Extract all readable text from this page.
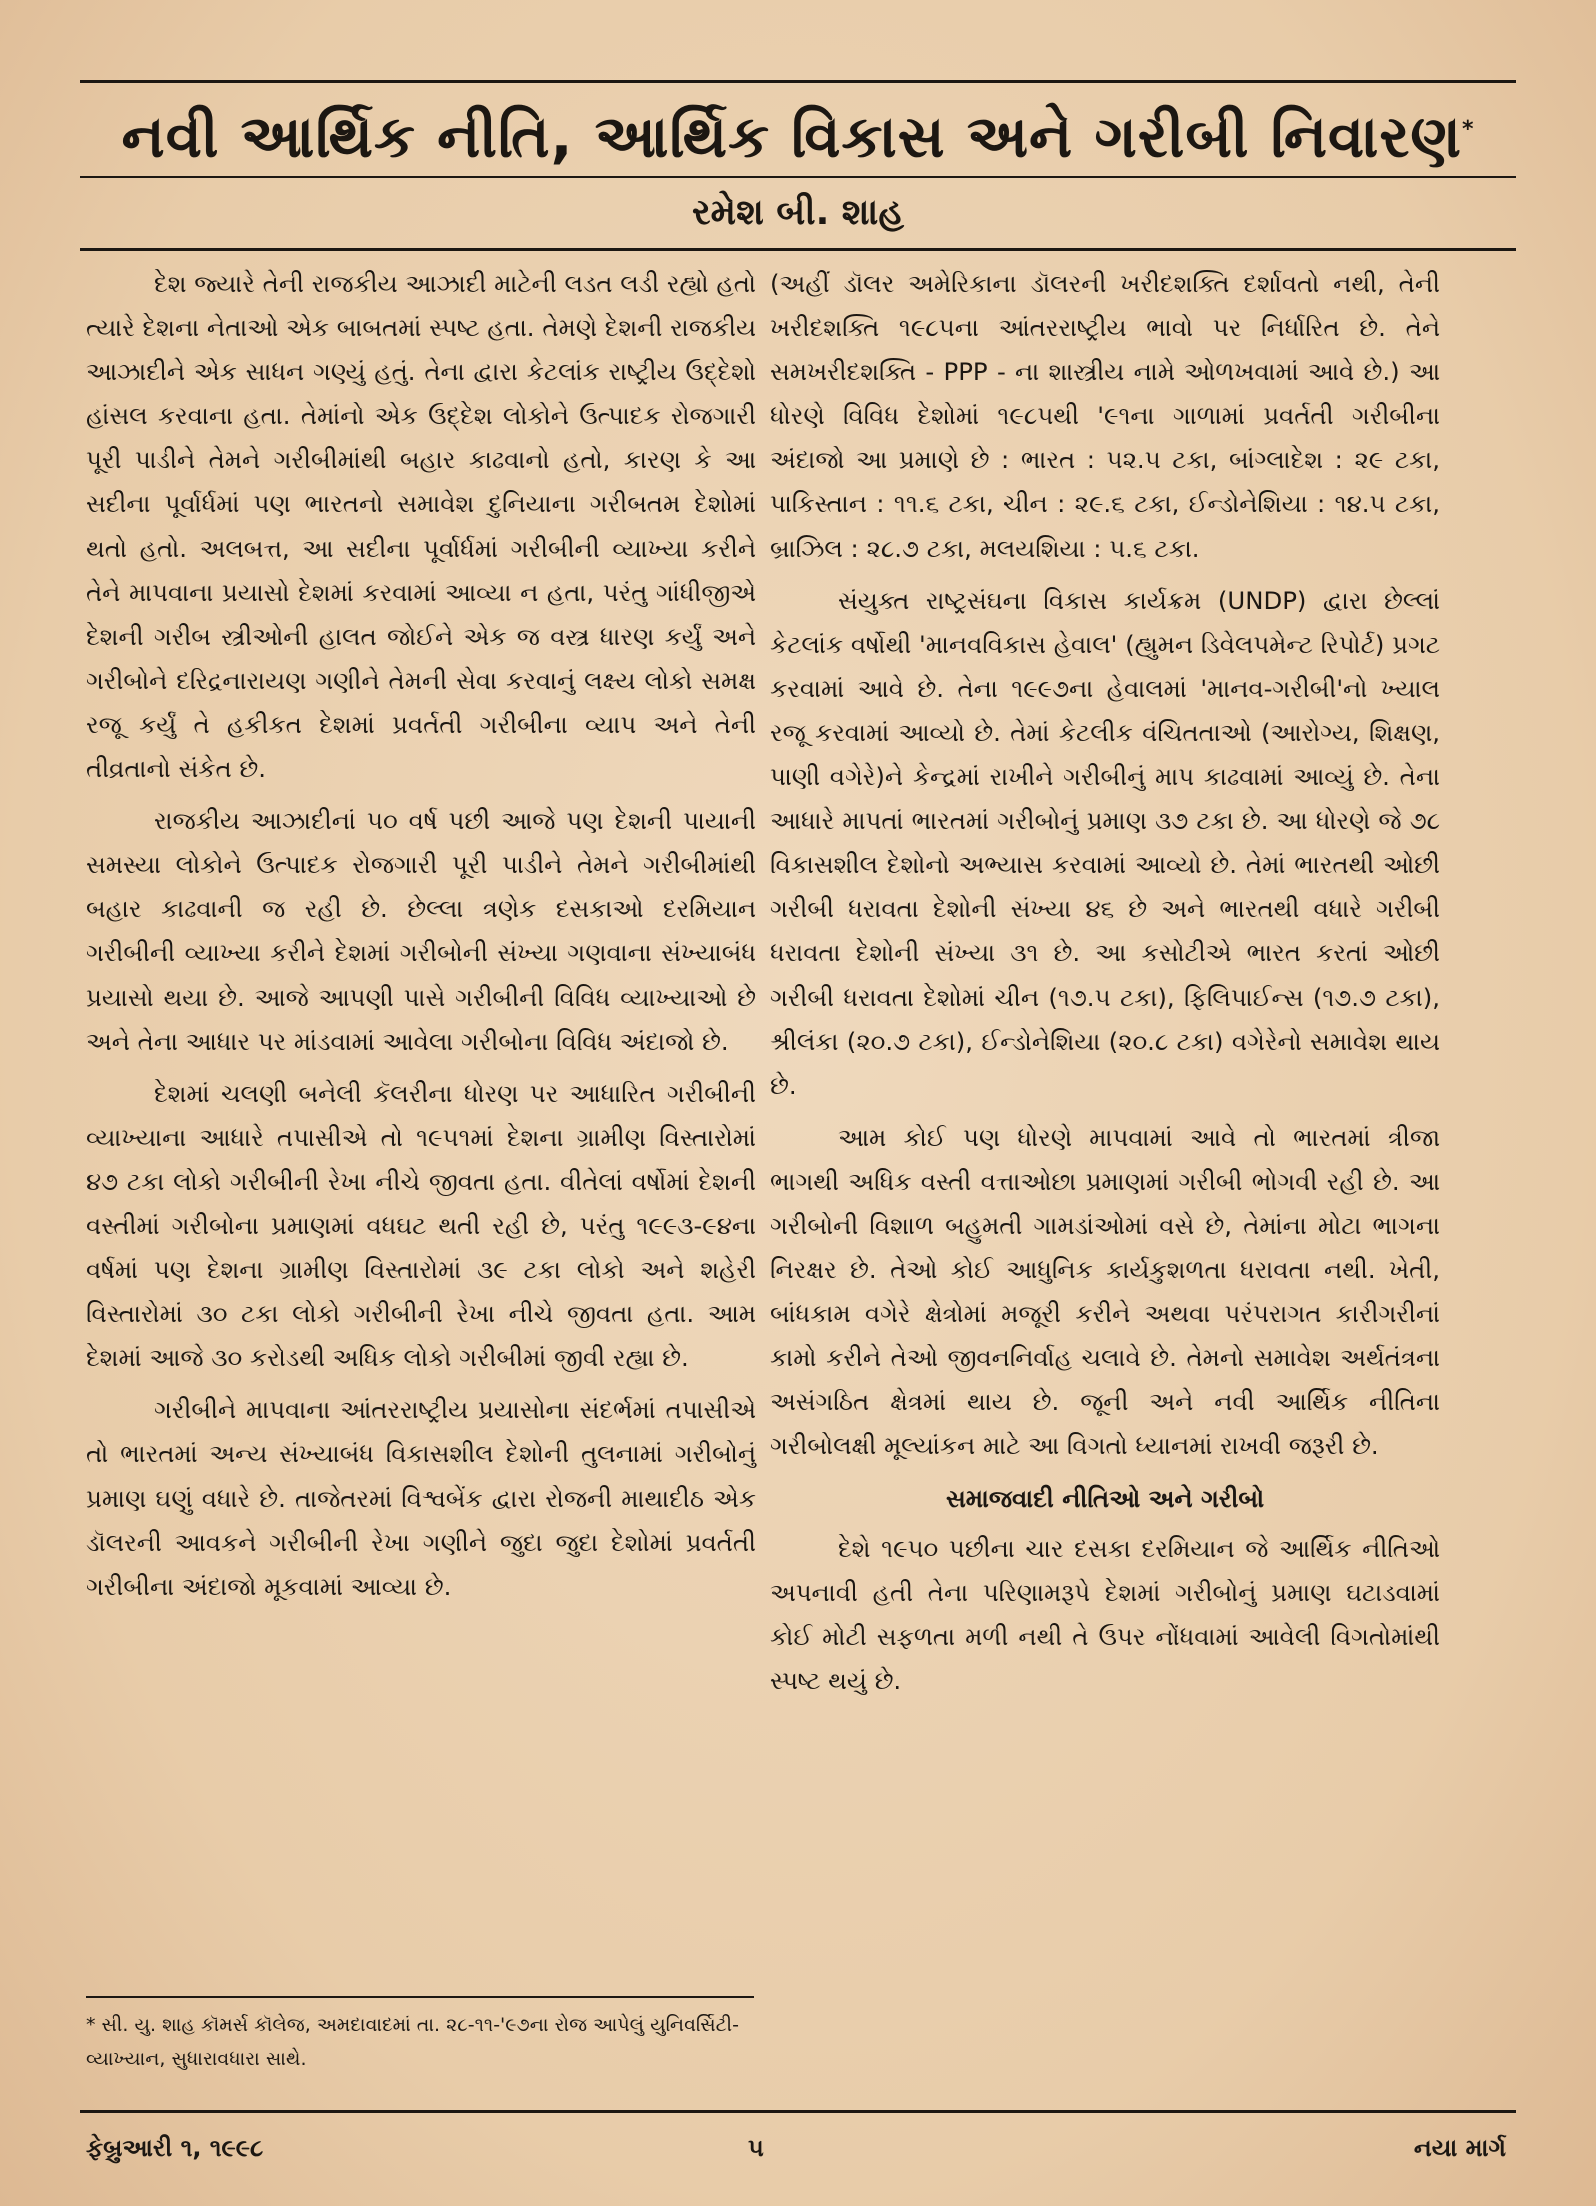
નવી આર્થિક નીતિ, આર્થિક વિકાસ અને ગરીબી નિવારણ*
રમેશ બી. શાહ

દેશ જ્યારે તેની રાજકીય આઝાદી માટેની લડત લડી રહ્યો હતો ત્યારે દેશના નેતાઓ એક બાબતમાં સ્પષ્ટ હતા. તેમણે દેશની રાજકીય આઝાદીને એક સાધન ગણ્યું હતું. તેના દ્વારા કેટલાંક રાષ્ટ્રીય ઉદ્દેશો હાંસલ કરવાના હતા. તેમાંનો એક ઉદ્દેશ લોકોને ઉત્પાદક રોજગારી પૂરી પાડીને તેમને ગરીબીમાંથી બહાર કાઢવાનો હતો, કારણ કે આ સદીના પૂર્વાર્ધમાં પણ ભારતનો સમાવેશ દુનિયાના ગરીબતમ દેશોમાં થતો હતો. અલબત્ત, આ સદીના પૂર્વાર્ધમાં ગરીબીની વ્યાખ્યા કરીને તેને માપવાના પ્રયાસો દેશમાં કરવામાં આવ્યા ન હતા, પરંતુ ગાંધીજીએ દેશની ગરીબ સ્ત્રીઓની હાલત જોઈને એક જ વસ્ત્ર ધારણ કર્યું અને ગરીબોને દરિદ્રનારાયણ ગણીને તેમની સેવા કરવાનું લક્ષ્ય લોકો સમક્ષ રજૂ કર્યું તે હકીકત દેશમાં પ્રવર્તતી ગરીબીના વ્યાપ અને તેની તીવ્રતાનો સંકેત છે.

રાજકીય આઝાદીનાં ૫૦ વર્ષ પછી આજે પણ દેશની પાયાની સમસ્યા લોકોને ઉત્પાદક રોજગારી પૂરી પાડીને તેમને ગરીબીમાંથી બહાર કાઢવાની જ રહી છે. છેલ્લા ત્રણેક દસકાઓ દરમિયાન ગરીબીની વ્યાખ્યા કરીને દેશમાં ગરીબોની સંખ્યા ગણવાના સંખ્યાબંધ પ્રયાસો થયા છે. આજે આપણી પાસે ગરીબીની વિવિધ વ્યાખ્યાઓ છે અને તેના આધાર પર માંડવામાં આવેલા ગરીબોના વિવિધ અંદાજો છે.

દેશમાં ચલણી બનેલી કૅલરીના ધોરણ પર આધારિત ગરીબીની વ્યાખ્યાના આધારે તપાસીએ તો ૧૯૫૧માં દેશના ગ્રામીણ વિસ્તારોમાં ૪૭ ટકા લોકો ગરીબીની રેખા નીચે જીવતા હતા. વીતેલાં વર્ષોમાં દેશની વસ્તીમાં ગરીબોના પ્રમાણમાં વધઘટ થતી રહી છે, પરંતુ ૧૯૯૩-૯૪ના વર્ષમાં પણ દેશના ગ્રામીણ વિસ્તારોમાં ૩૯ ટકા લોકો અને શહેરી વિસ્તારોમાં ૩૦ ટકા લોકો ગરીબીની રેખા નીચે જીવતા હતા. આમ દેશમાં આજે ૩૦ કરોડથી અધિક લોકો ગરીબીમાં જીવી રહ્યા છે.

ગરીબીને માપવાના આંતરરાષ્ટ્રીય પ્રયાસોના સંદર્ભમાં તપાસીએ તો ભારતમાં અન્ય સંખ્યાબંધ વિકાસશીલ દેશોની તુલનામાં ગરીબોનું પ્રમાણ ઘણું વધારે છે. તાજેતરમાં વિશ્વબેંક દ્વારા રોજની માથાદીઠ એક ડૉલરની આવકને ગરીબીની રેખા ગણીને જુદા જુદા દેશોમાં પ્રવર્તતી ગરીબીના અંદાજો મૂકવામાં આવ્યા છે.

* સી. યુ. શાહ કૉમર્સ કૉલેજ, અમદાવાદમાં તા. ૨૮-૧૧-'૯૭ના રોજ આપેલું યુનિવર્સિટી-વ્યાખ્યાન, સુધારાવધારા સાથે.

(અહીં ડૉલર અમેરિકાના ડૉલરની ખરીદશક્તિ દર્શાવતો નથી, તેની ખરીદશક્તિ ૧૯૮૫ના આંતરરાષ્ટ્રીય ભાવો પર નિર્ધારિત છે. તેને સમખરીદશક્તિ - PPP - ના શાસ્ત્રીય નામે ઓળખવામાં આવે છે.) આ ધોરણે વિવિધ દેશોમાં ૧૯૮૫થી '૯૧ના ગાળામાં પ્રવર્તતી ગરીબીના અંદાજો આ પ્રમાણે છે : ભારત : ૫૨.૫ ટકા, બાંગ્લાદેશ : ૨૯ ટકા, પાકિસ્તાન : ૧૧.૬ ટકા, ચીન : ૨૯.૬ ટકા, ઈન્ડોનેશિયા : ૧૪.૫ ટકા, બ્રાઝિલ : ૨૮.૭ ટકા, મલયશિયા : ૫.૬ ટકા.

સંયુક્ત રાષ્ટ્રસંઘના વિકાસ કાર્યક્રમ (UNDP) દ્વારા છેલ્લાં કેટલાંક વર્ષોથી 'માનવવિકાસ હેવાલ' (હ્યુમન ડિવેલપમેન્ટ રિપોર્ટ) પ્રગટ કરવામાં આવે છે. તેના ૧૯૯૭ના હેવાલમાં 'માનવ-ગરીબી'નો ખ્યાલ રજૂ કરવામાં આવ્યો છે. તેમાં કેટલીક વંચિતતાઓ (આરોગ્ય, શિક્ષણ, પાણી વગેરે)ને કેન્દ્રમાં રાખીને ગરીબીનું માપ કાઢવામાં આવ્યું છે. તેના આધારે માપતાં ભારતમાં ગરીબોનું પ્રમાણ ૩૭ ટકા છે. આ ધોરણે જે ૭૮ વિકાસશીલ દેશોનો અભ્યાસ કરવામાં આવ્યો છે. તેમાં ભારતથી ઓછી ગરીબી ધરાવતા દેશોની સંખ્યા ૪૬ છે અને ભારતથી વધારે ગરીબી ધરાવતા દેશોની સંખ્યા ૩૧ છે. આ કસોટીએ ભારત કરતાં ઓછી ગરીબી ધરાવતા દેશોમાં ચીન (૧૭.૫ ટકા), ફિલિપાઈન્સ (૧૭.૭ ટકા), શ્રીલંકા (૨૦.૭ ટકા), ઈન્ડોનેશિયા (૨૦.૮ ટકા) વગેરેનો સમાવેશ થાય છે.

આમ કોઈ પણ ધોરણે માપવામાં આવે તો ભારતમાં ત્રીજા ભાગથી અધિક વસ્તી વત્તાઓછા પ્રમાણમાં ગરીબી ભોગવી રહી છે. આ ગરીબોની વિશાળ બહુમતી ગામડાંઓમાં વસે છે, તેમાંના મોટા ભાગના નિરક્ષર છે. તેઓ કોઈ આધુનિક કાર્યકુશળતા ધરાવતા નથી. ખેતી, બાંધકામ વગેરે ક્ષેત્રોમાં મજૂરી કરીને અથવા પરંપરાગત કારીગરીનાં કામો કરીને તેઓ જીવનનિર્વાહ ચલાવે છે. તેમનો સમાવેશ અર્થતંત્રના અસંગઠિત ક્ષેત્રમાં થાય છે. જૂની અને નવી આર્થિક નીતિના ગરીબોલક્ષી મૂલ્યાંકન માટે આ વિગતો ધ્યાનમાં રાખવી જરૂરી છે.

સમાજવાદી નીતિઓ અને ગરીબો

દેશે ૧૯૫૦ પછીના ચાર દસકા દરમિયાન જે આર્થિક નીતિઓ અપનાવી હતી તેના પરિણામરૂપે દેશમાં ગરીબોનું પ્રમાણ ઘટાડવામાં કોઈ મોટી સફળતા મળી નથી તે ઉપર નોંધવામાં આવેલી વિગતોમાંથી સ્પષ્ટ થયું છે.

ફેબ્રુઆરી ૧, ૧૯૯૮	૫	નયા માર્ગ
